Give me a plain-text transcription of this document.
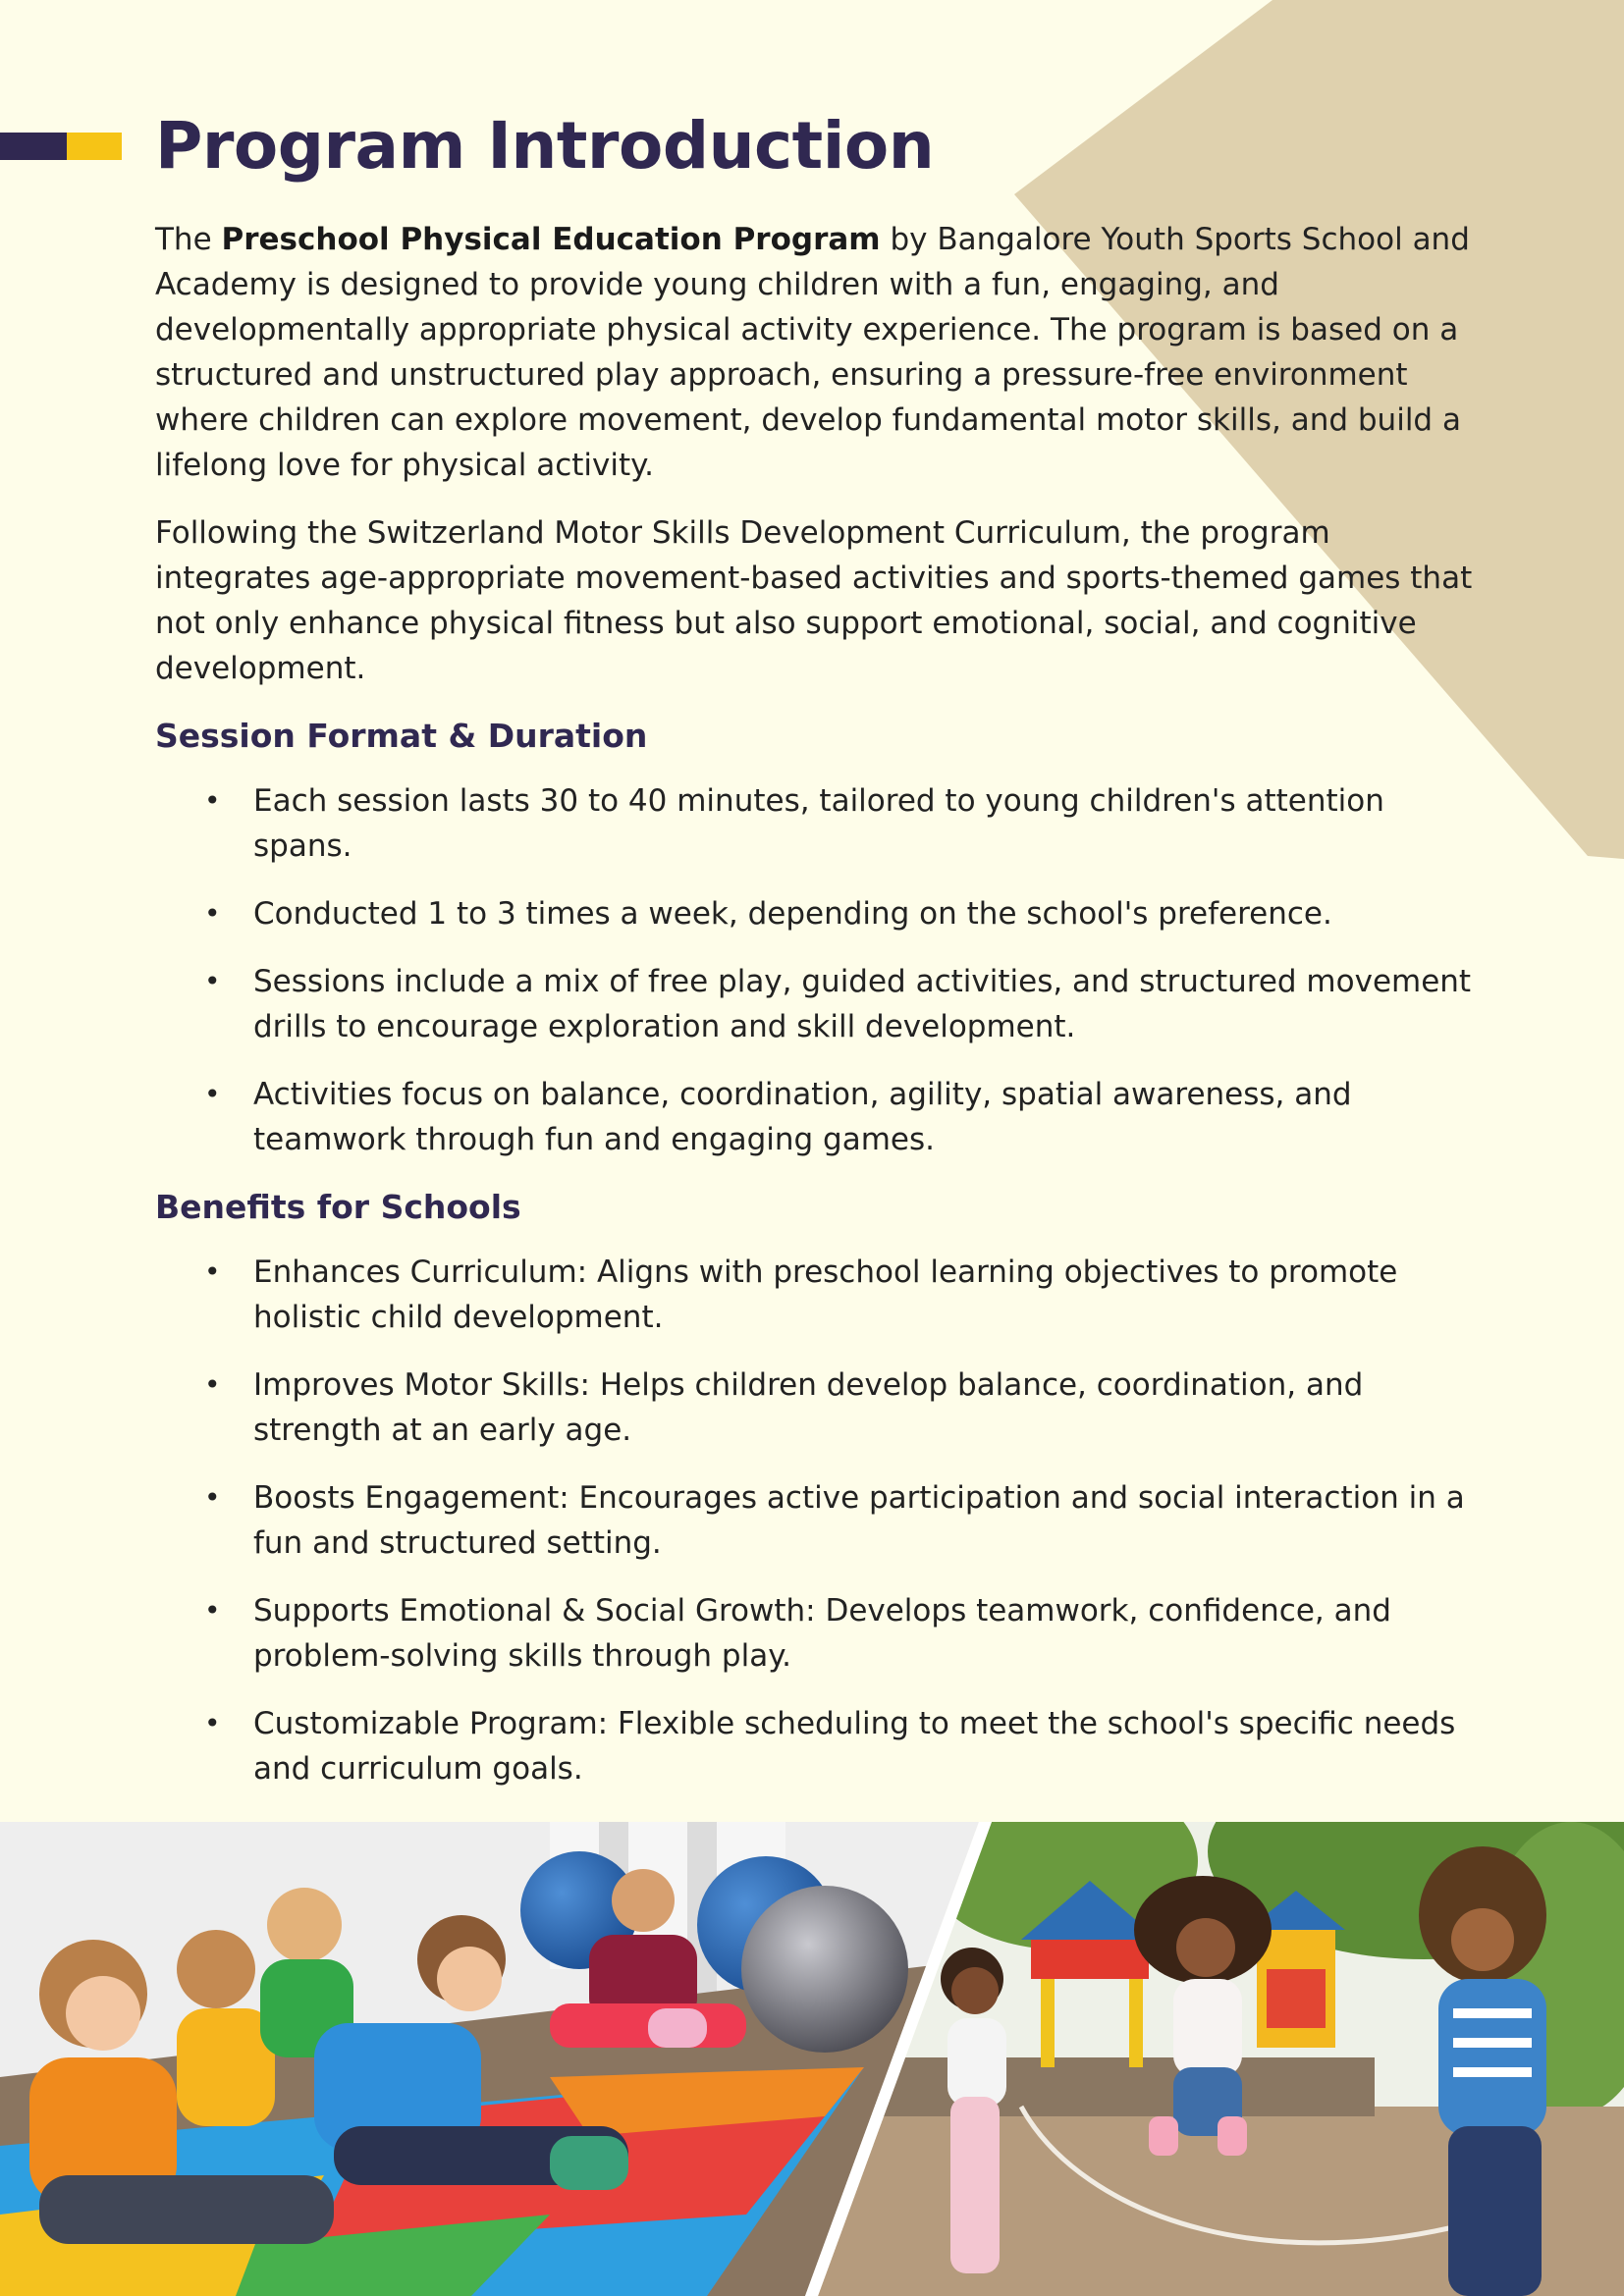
Program Introduction

The Preschool Physical Education Program by Bangalore Youth Sports School and Academy is designed to provide young children with a fun, engaging, and developmentally appropriate physical activity experience. The program is based on a structured and unstructured play approach, ensuring a pressure-free environment where children can explore movement, develop fundamental motor skills, and build a lifelong love for physical activity.

Following the Switzerland Motor Skills Development Curriculum, the program integrates age-appropriate movement-based activities and sports-themed games that not only enhance physical fitness but also support emotional, social, and cognitive development.

Session Format & Duration
• Each session lasts 30 to 40 minutes, tailored to young children's attention spans.
• Conducted 1 to 3 times a week, depending on the school's preference.
• Sessions include a mix of free play, guided activities, and structured movement drills to encourage exploration and skill development.
• Activities focus on balance, coordination, agility, spatial awareness, and teamwork through fun and engaging games.
Benefits for Schools
• Enhances Curriculum: Aligns with preschool learning objectives to promote holistic child development.
• Improves Motor Skills: Helps children develop balance, coordination, and strength at an early age.
• Boosts Engagement: Encourages active participation and social interaction in a fun and structured setting.
• Supports Emotional & Social Growth: Develops teamwork, confidence, and problem-solving skills through play.
• Customizable Program: Flexible scheduling to meet the school's specific needs and curriculum goals.
